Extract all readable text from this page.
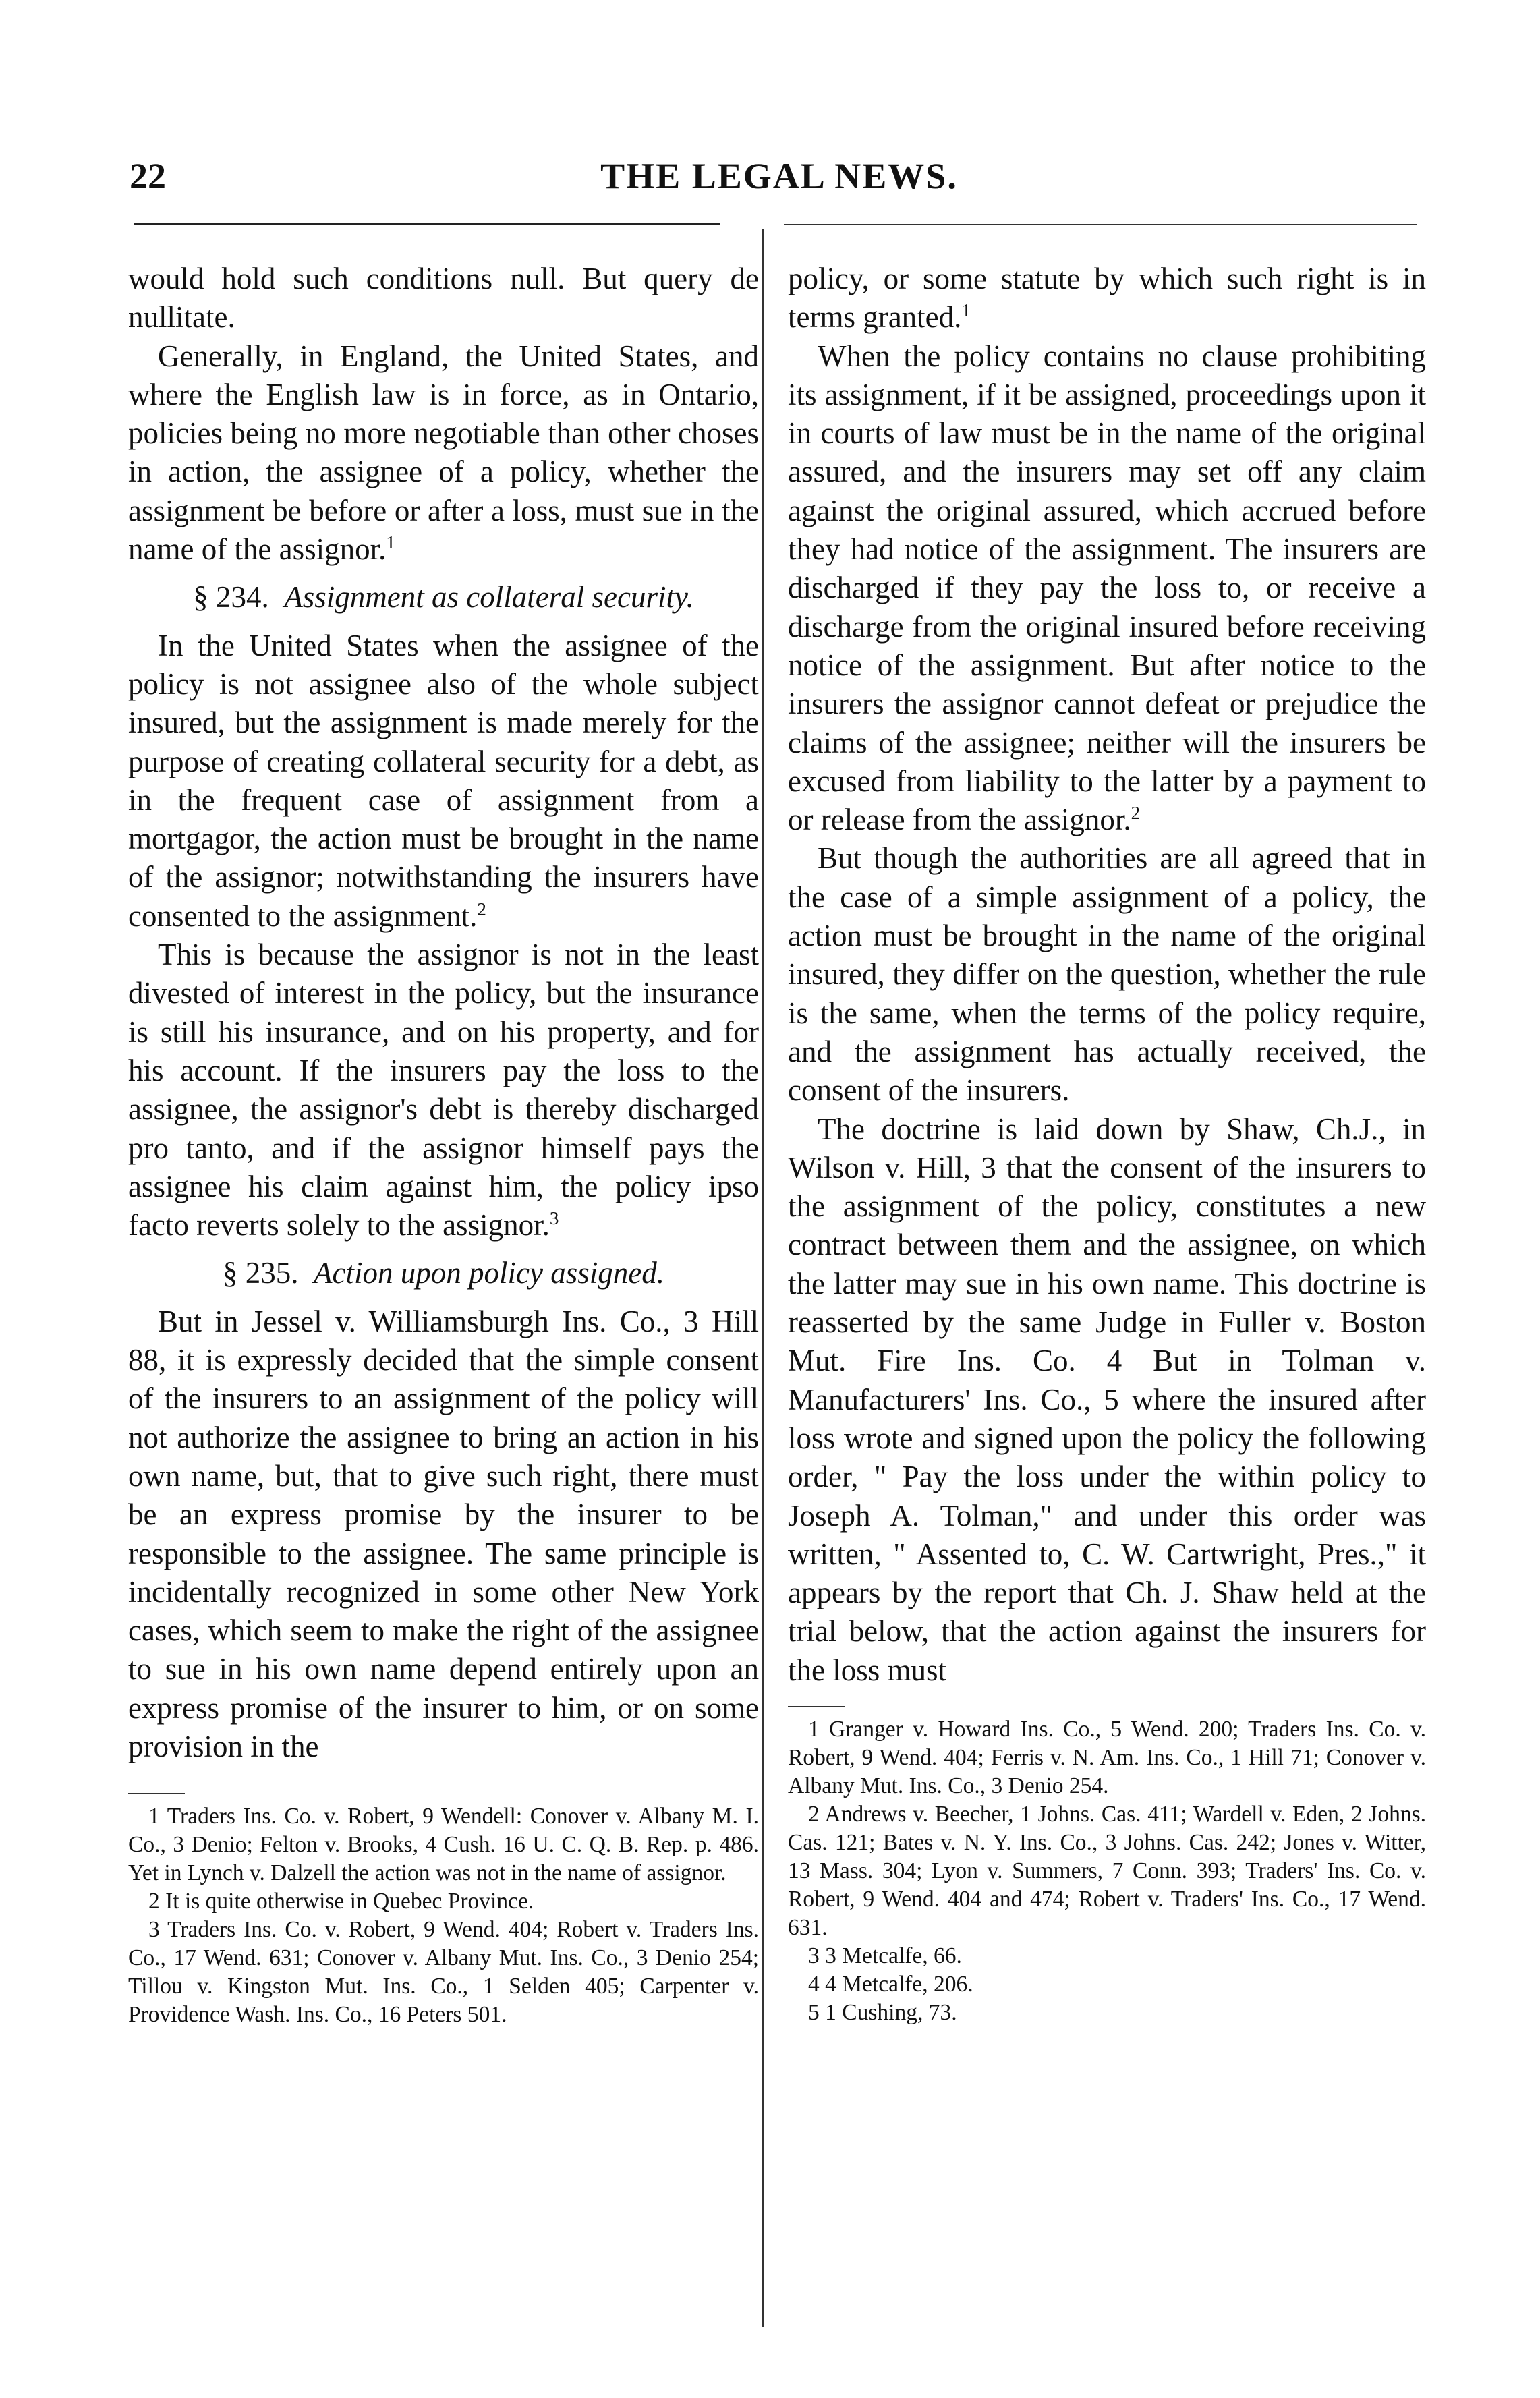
22	THE LEGAL NEWS.

would hold such conditions null. But query de nullitate.

Generally, in England, the United States, and where the English law is in force, as in Ontario, policies being no more negotiable than other choses in action, the assignee of a policy, whether the assignment be before or after a loss, must sue in the name of the assignor.$^1$

§ 234. Assignment as collateral security.

In the United States when the assignee of the policy is not assignee also of the whole subject insured, but the assignment is made merely for the purpose of creating collateral security for a debt, as in the frequent case of assignment from a mortgagor, the action must be brought in the name of the assignor; notwithstanding the insurers have consented to the assignment.$^2$

This is because the assignor is not in the least divested of interest in the policy, but the insurance is still his insurance, and on his property, and for his account. If the insurers pay the loss to the assignee, the assignor's debt is thereby discharged pro tanto, and if the assignor himself pays the assignee his claim against him, the policy ipso facto reverts solely to the assignor.$^3$

§ 235. Action upon policy assigned.

But in Jessel v. Williamsburgh Ins. Co., 3 Hill 88, it is expressly decided that the simple consent of the insurers to an assignment of the policy will not authorize the assignee to bring an action in his own name, but, that to give such right, there must be an express promise by the insurer to be responsible to the assignee. The same principle is incidentally recognized in some other New York cases, which seem to make the right of the assignee to sue in his own name depend entirely upon an express promise of the insurer to him, or on some provision in the

1 Traders Ins. Co. v. Robert, 9 Wendell: Conover v. Albany M. I. Co., 3 Denio; Felton v. Brooks, 4 Cush. 16 U. C. Q. B. Rep. p. 486. Yet in Lynch v. Dalzell the action was not in the name of assignor.

2 It is quite otherwise in Quebec Province.

3 Traders Ins. Co. v. Robert, 9 Wend. 404; Robert v. Traders Ins. Co., 17 Wend. 631; Conover v. Albany Mut. Ins. Co., 3 Denio 254; Tillou v. Kingston Mut. Ins. Co., 1 Selden 405; Carpenter v. Providence Wash. Ins. Co., 16 Peters 501.

policy, or some statute by which such right is in terms granted.$^1$

When the policy contains no clause prohibiting its assignment, if it be assigned, proceedings upon it in courts of law must be in the name of the original assured, and the insurers may set off any claim against the original assured, which accrued before they had notice of the assignment. The insurers are discharged if they pay the loss to, or receive a discharge from the original insured before receiving notice of the assignment. But after notice to the insurers the assignor cannot defeat or prejudice the claims of the assignee; neither will the insurers be excused from liability to the latter by a payment to or release from the assignor.$^2$

But though the authorities are all agreed that in the case of a simple assignment of a policy, the action must be brought in the name of the original insured, they differ on the question, whether the rule is the same, when the terms of the policy require, and the assignment has actually received, the consent of the insurers.

The doctrine is laid down by Shaw, Ch.J., in Wilson v. Hill, 3 that the consent of the insurers to the assignment of the policy, constitutes a new contract between them and the assignee, on which the latter may sue in his own name. This doctrine is reasserted by the same Judge in Fuller v. Boston Mut. Fire Ins. Co. 4 But in Tolman v. Manufacturers' Ins. Co., 5 where the insured after loss wrote and signed upon the policy the following order, " Pay the loss under the within policy to Joseph A. Tolman," and under this order was written, " Assented to, C. W. Cartwright, Pres.," it appears by the report that Ch. J. Shaw held at the trial below, that the action against the insurers for the loss must

1 Granger v. Howard Ins. Co., 5 Wend. 200; Traders Ins. Co. v. Robert, 9 Wend. 404; Ferris v. N. Am. Ins. Co., 1 Hill 71; Conover v. Albany Mut. Ins. Co., 3 Denio 254.

2 Andrews v. Beecher, 1 Johns. Cas. 411; Wardell v. Eden, 2 Johns. Cas. 121; Bates v. N. Y. Ins. Co., 3 Johns. Cas. 242; Jones v. Witter, 13 Mass. 304; Lyon v. Summers, 7 Conn. 393; Traders' Ins. Co. v. Robert, 9 Wend. 404 and 474; Robert v. Traders' Ins. Co., 17 Wend. 631.

3 3 Metcalfe, 66.

4 4 Metcalfe, 206.

5 1 Cushing, 73.
